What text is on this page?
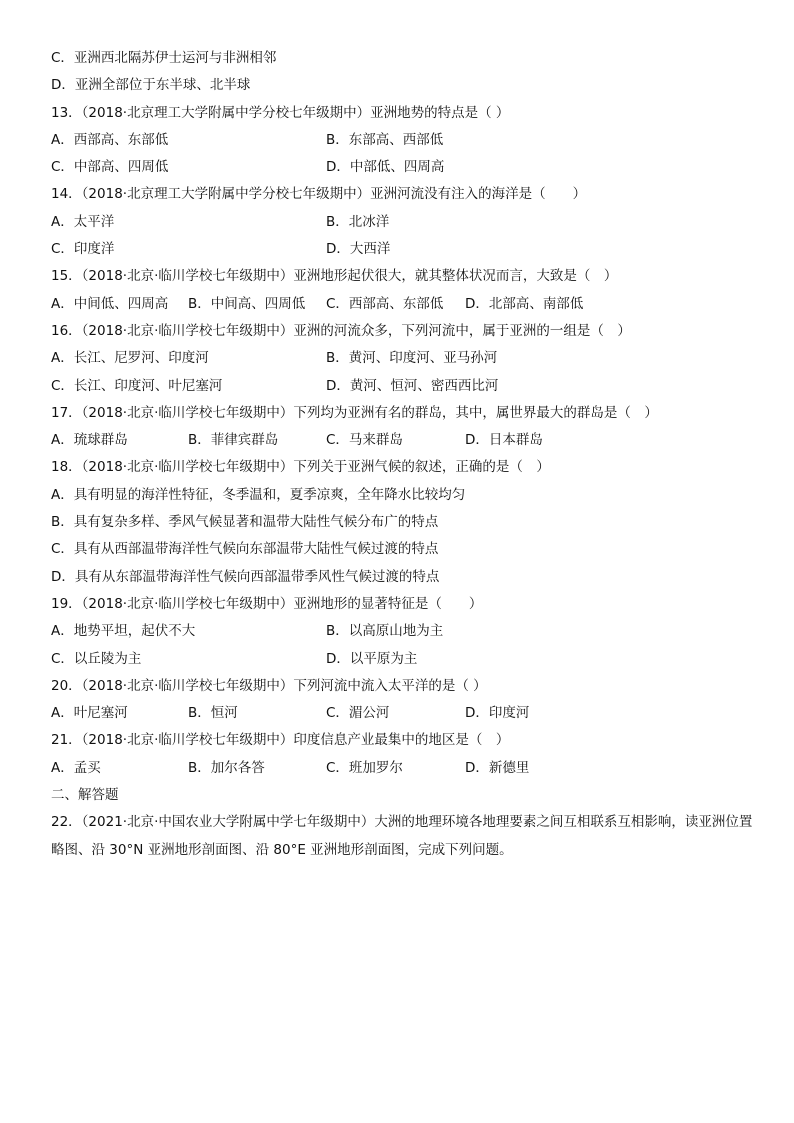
C．亚洲西北隔苏伊士运河与非洲相邻
D．亚洲全部位于东半球、北半球
13．（2018·北京理工大学附属中学分校七年级期中）亚洲地势的特点是（ ）
A．西部高、东部低	B．东部高、西部低
C．中部高、四周低	D．中部低、四周高
14．（2018·北京理工大学附属中学分校七年级期中）亚洲河流没有注入的海洋是（　　）
A．太平洋	B．北冰洋
C．印度洋	D．大西洋
15．（2018·北京·临川学校七年级期中）亚洲地形起伏很大，就其整体状况而言，大致是（　）
A．中间低、四周高 B．中间高、四周低 C．西部高、东部低 D．北部高、南部低
16．（2018·北京·临川学校七年级期中）亚洲的河流众多，下列河流中，属于亚洲的一组是（　）
A．长江、尼罗河、印度河	B．黄河、印度河、亚马孙河
C．长江、印度河、叶尼塞河	D．黄河、恒河、密西西比河
17．（2018·北京·临川学校七年级期中）下列均为亚洲有名的群岛，其中，属世界最大的群岛是（　）
A．琉球群岛	B．菲律宾群岛	C．马来群岛	D．日本群岛
18．（2018·北京·临川学校七年级期中）下列关于亚洲气候的叙述，正确的是（　）
A．具有明显的海洋性特征，冬季温和，夏季凉爽，全年降水比较均匀
B．具有复杂多样、季风气候显著和温带大陆性气候分布广的特点
C．具有从西部温带海洋性气候向东部温带大陆性气候过渡的特点
D．具有从东部温带海洋性气候向西部温带季风性气候过渡的特点
19．（2018·北京·临川学校七年级期中）亚洲地形的显著特征是（　　）
A．地势平坦，起伏不大	B．以高原山地为主
C．以丘陵为主	D．以平原为主
20．（2018·北京·临川学校七年级期中）下列河流中流入太平洋的是（ ）
A．叶尼塞河	B．恒河	C．湄公河	D．印度河
21．（2018·北京·临川学校七年级期中）印度信息产业最集中的地区是（　）
A．孟买	B．加尔各答	C．班加罗尔	D．新德里
二、解答题
22．（2021·北京·中国农业大学附属中学七年级期中）大洲的地理环境各地理要素之间互相联系互相影响，读亚洲位置略图、沿 30°N 亚洲地形剖面图、沿 80°E 亚洲地形剖面图，完成下列问题。
